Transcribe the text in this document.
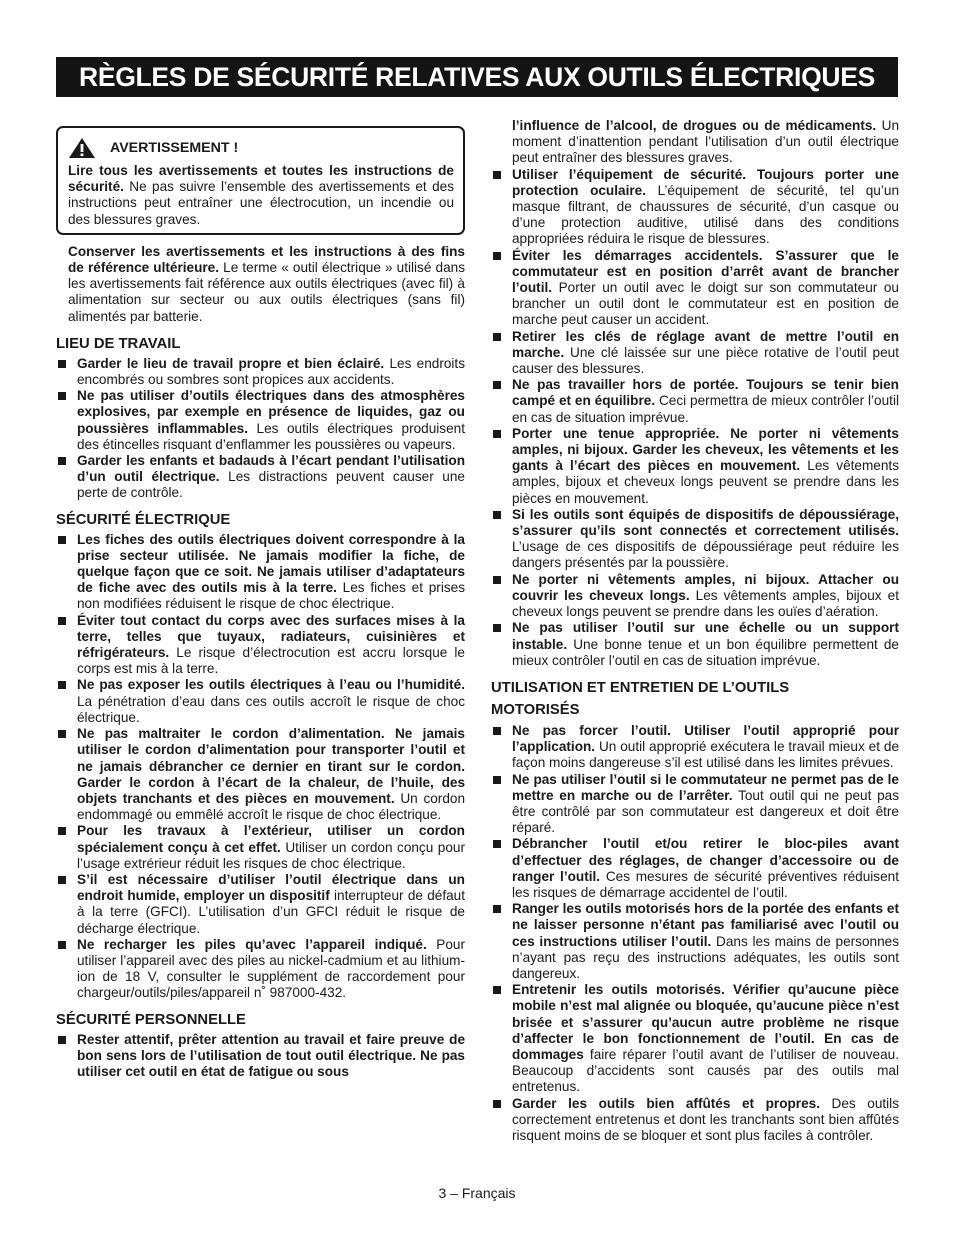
RÈGLES DE SÉCURITÉ RELATIVES AUX OUTILS ÉLECTRIQUES
AVERTISSEMENT !

Lire tous les avertissements et toutes les instructions de sécurité. Ne pas suivre l’ensemble des avertissements et des instructions peut entraîner une électrocution, un incendie ou des blessures graves.

Conserver les avertissements et les instructions à des fins de référence ultérieure. Le terme « outil électrique » utilisé dans les avertissements fait référence aux outils électriques (avec fil) à alimentation sur secteur ou aux outils électriques (sans fil) alimentés par batterie.

LIEU DE TRAVAIL
Garder le lieu de travail propre et bien éclairé. Les endroits encombrés ou sombres sont propices aux accidents.
Ne pas utiliser d’outils électriques dans des atmosphères explosives, par exemple en présence de liquides, gaz ou poussières inflammables. Les outils électriques produisent des étincelles risquant d’enflammer les poussières ou vapeurs.
Garder les enfants et badauds à l’écart pendant l’utilisation d’un outil électrique. Les distractions peuvent causer une perte de contrôle.
SÉCURITÉ ÉLECTRIQUE
Les fiches des outils électriques doivent correspondre à la prise secteur utilisée. Ne jamais modifier la fiche, de quelque façon que ce soit. Ne jamais utiliser d’adaptateurs de fiche avec des outils mis à la terre. Les fiches et prises non modifiées réduisent le risque de choc électrique.
Éviter tout contact du corps avec des surfaces mises à la terre, telles que tuyaux, radiateurs, cuisinières et réfrigérateurs. Le risque d’électrocution est accru lorsque le corps est mis à la terre.
Ne pas exposer les outils électriques à l’eau ou l’humidité. La pénétration d’eau dans ces outils accroît le risque de choc électrique.
Ne pas maltraiter le cordon d’alimentation. Ne jamais utiliser le cordon d’alimentation pour transporter l’outil et ne jamais débrancher ce dernier en tirant sur le cordon. Garder le cordon à l’écart de la chaleur, de l’huile, des objets tranchants et des pièces en mouvement. Un cordon endommagé ou emmêlé accroît le risque de choc électrique.
Pour les travaux à l’extérieur, utiliser un cordon spécialement conçu à cet effet. Utiliser un cordon conçu pour l’usage extrérieur réduit les risques de choc électrique.
S’il est nécessaire d’utiliser l’outil électrique dans un endroit humide, employer un dispositif interrupteur de défaut à la terre (GFCI). L’utilisation d’un GFCI réduit le risque de décharge électrique.
Ne recharger les piles qu’avec l’appareil indiqué. Pour utiliser l’appareil avec des piles au nickel-cadmium et au lithium-ion de 18 V, consulter le supplément de raccordement pour chargeur/outils/piles/appareil n˚ 987000-432.
SÉCURITÉ PERSONNELLE
Rester attentif, prêter attention au travail et faire preuve de bon sens lors de l’utilisation de tout outil électrique. Ne pas utiliser cet outil en état de fatigue ou sous
l’influence de l’alcool, de drogues ou de médicaments. Un moment d’inattention pendant l’utilisation d’un outil électrique peut entraîner des blessures graves.
Utiliser l’équipement de sécurité. Toujours porter une protection oculaire. L’équipement de sécurité, tel qu’un masque filtrant, de chaussures de sécurité, d’un casque ou d’une protection auditive, utilisé dans des conditions appropriées réduira le risque de blessures.
Éviter les démarrages accidentels. S’assurer que le commutateur est en position d’arrêt avant de brancher l’outil. Porter un outil avec le doigt sur son commutateur ou brancher un outil dont le commutateur est en position de marche peut causer un accident.
Retirer les clés de réglage avant de mettre l’outil en marche. Une clé laissée sur une pièce rotative de l’outil peut causer des blessures.
Ne pas travailler hors de portée. Toujours se tenir bien campé et en équilibre. Ceci permettra de mieux contrôler l’outil en cas de situation imprévue.
Porter une tenue appropriée. Ne porter ni vêtements amples, ni bijoux. Garder les cheveux, les vêtements et les gants à l’écart des pièces en mouvement. Les vêtements amples, bijoux et cheveux longs peuvent se prendre dans les pièces en mouvement.
Si les outils sont équipés de dispositifs de dépoussiérage, s’assurer qu’ils sont connectés et correctement utilisés. L’usage de ces dispositifs de dépoussiérage peut réduire les dangers présentés par la poussière.
Ne porter ni vêtements amples, ni bijoux. Attacher ou couvrir les cheveux longs. Les vêtements amples, bijoux et cheveux longs peuvent se prendre dans les ouïes d’aération.
Ne pas utiliser l’outil sur une échelle ou un support instable. Une bonne tenue et un bon équilibre permettent de mieux contrôler l’outil en cas de situation imprévue.
UTILISATION ET ENTRETIEN DE L’OUTILS
MOTORISÉS
Ne pas forcer l’outil. Utiliser l’outil approprié pour l’application. Un outil approprié exécutera le travail mieux et de façon moins dangereuse s’il est utilisé dans les limites prévues.
Ne pas utiliser l’outil si le commutateur ne permet pas de le mettre en marche ou de l’arrêter. Tout outil qui ne peut pas être contrôlé par son commutateur est dangereux et doit être réparé.
Débrancher l’outil et/ou retirer le bloc-piles avant d’effectuer des réglages, de changer d’accessoire ou de ranger l’outil. Ces mesures de sécurité préventives réduisent les risques de démarrage accidentel de l’outil.
Ranger les outils motorisés hors de la portée des enfants et ne laisser personne n’étant pas familiarisé avec l’outil ou ces instructions utiliser l’outil. Dans les mains de personnes n’ayant pas reçu des instructions adéquates, les outils sont dangereux.
Entretenir les outils motorisés. Vérifier qu’aucune pièce mobile n’est mal alignée ou bloquée, qu’aucune pièce n’est brisée et s’assurer qu’aucun autre problème ne risque d’affecter le bon fonctionnement de l’outil. En cas de dommages faire réparer l’outil avant de l’utiliser de nouveau. Beaucoup d’accidents sont causés par des outils mal entretenus.
Garder les outils bien affûtés et propres. Des outils correctement entretenus et dont les tranchants sont bien affûtés risquent moins de se bloquer et sont plus faciles à contrôler.
3 – Français
